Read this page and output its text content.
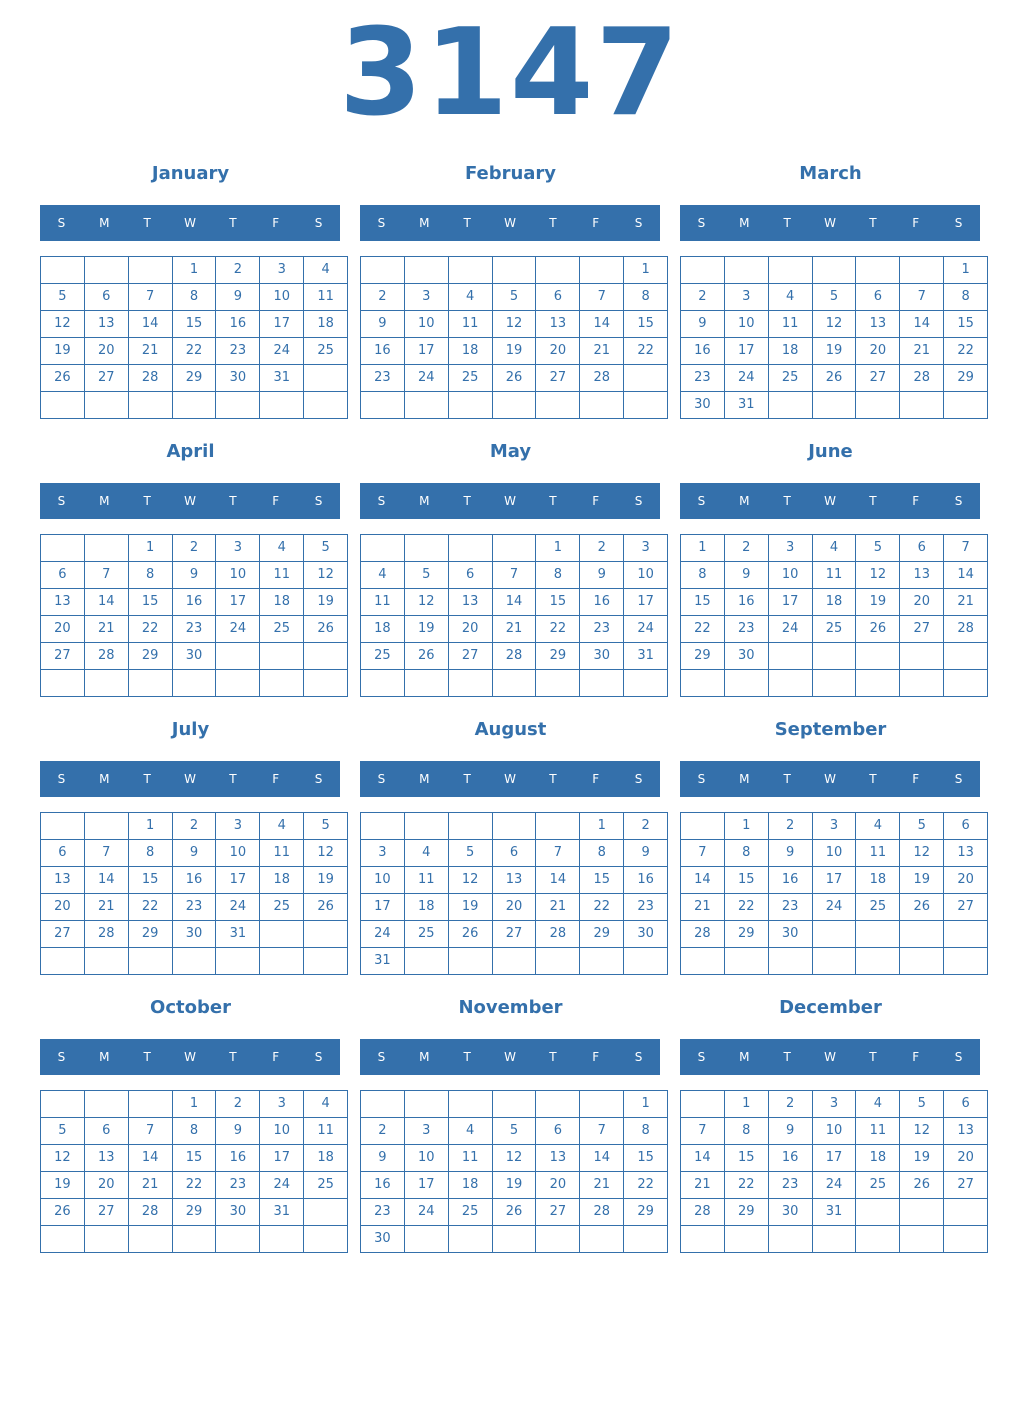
3147
January
S	M	T	W	T	F	S
			1	2	3	4
5	6	7	8	9	10	11
12	13	14	15	16	17	18
19	20	21	22	23	24	25
26	27	28	29	30	31	

February
S	M	T	W	T	F	S
						1
2	3	4	5	6	7	8
9	10	11	12	13	14	15
16	17	18	19	20	21	22
23	24	25	26	27	28	

March
S	M	T	W	T	F	S
						1
2	3	4	5	6	7	8
9	10	11	12	13	14	15
16	17	18	19	20	21	22
23	24	25	26	27	28	29
30	31					
April
S	M	T	W	T	F	S
		1	2	3	4	5
6	7	8	9	10	11	12
13	14	15	16	17	18	19
20	21	22	23	24	25	26
27	28	29	30			

May
S	M	T	W	T	F	S
				1	2	3
4	5	6	7	8	9	10
11	12	13	14	15	16	17
18	19	20	21	22	23	24
25	26	27	28	29	30	31

June
S	M	T	W	T	F	S
1	2	3	4	5	6	7
8	9	10	11	12	13	14
15	16	17	18	19	20	21
22	23	24	25	26	27	28
29	30					

July
S	M	T	W	T	F	S
		1	2	3	4	5
6	7	8	9	10	11	12
13	14	15	16	17	18	19
20	21	22	23	24	25	26
27	28	29	30	31		

August
S	M	T	W	T	F	S
					1	2
3	4	5	6	7	8	9
10	11	12	13	14	15	16
17	18	19	20	21	22	23
24	25	26	27	28	29	30
31						
September
S	M	T	W	T	F	S
	1	2	3	4	5	6
7	8	9	10	11	12	13
14	15	16	17	18	19	20
21	22	23	24	25	26	27
28	29	30				

October
S	M	T	W	T	F	S
			1	2	3	4
5	6	7	8	9	10	11
12	13	14	15	16	17	18
19	20	21	22	23	24	25
26	27	28	29	30	31	

November
S	M	T	W	T	F	S
						1
2	3	4	5	6	7	8
9	10	11	12	13	14	15
16	17	18	19	20	21	22
23	24	25	26	27	28	29
30						
December
S	M	T	W	T	F	S
	1	2	3	4	5	6
7	8	9	10	11	12	13
14	15	16	17	18	19	20
21	22	23	24	25	26	27
28	29	30	31			
